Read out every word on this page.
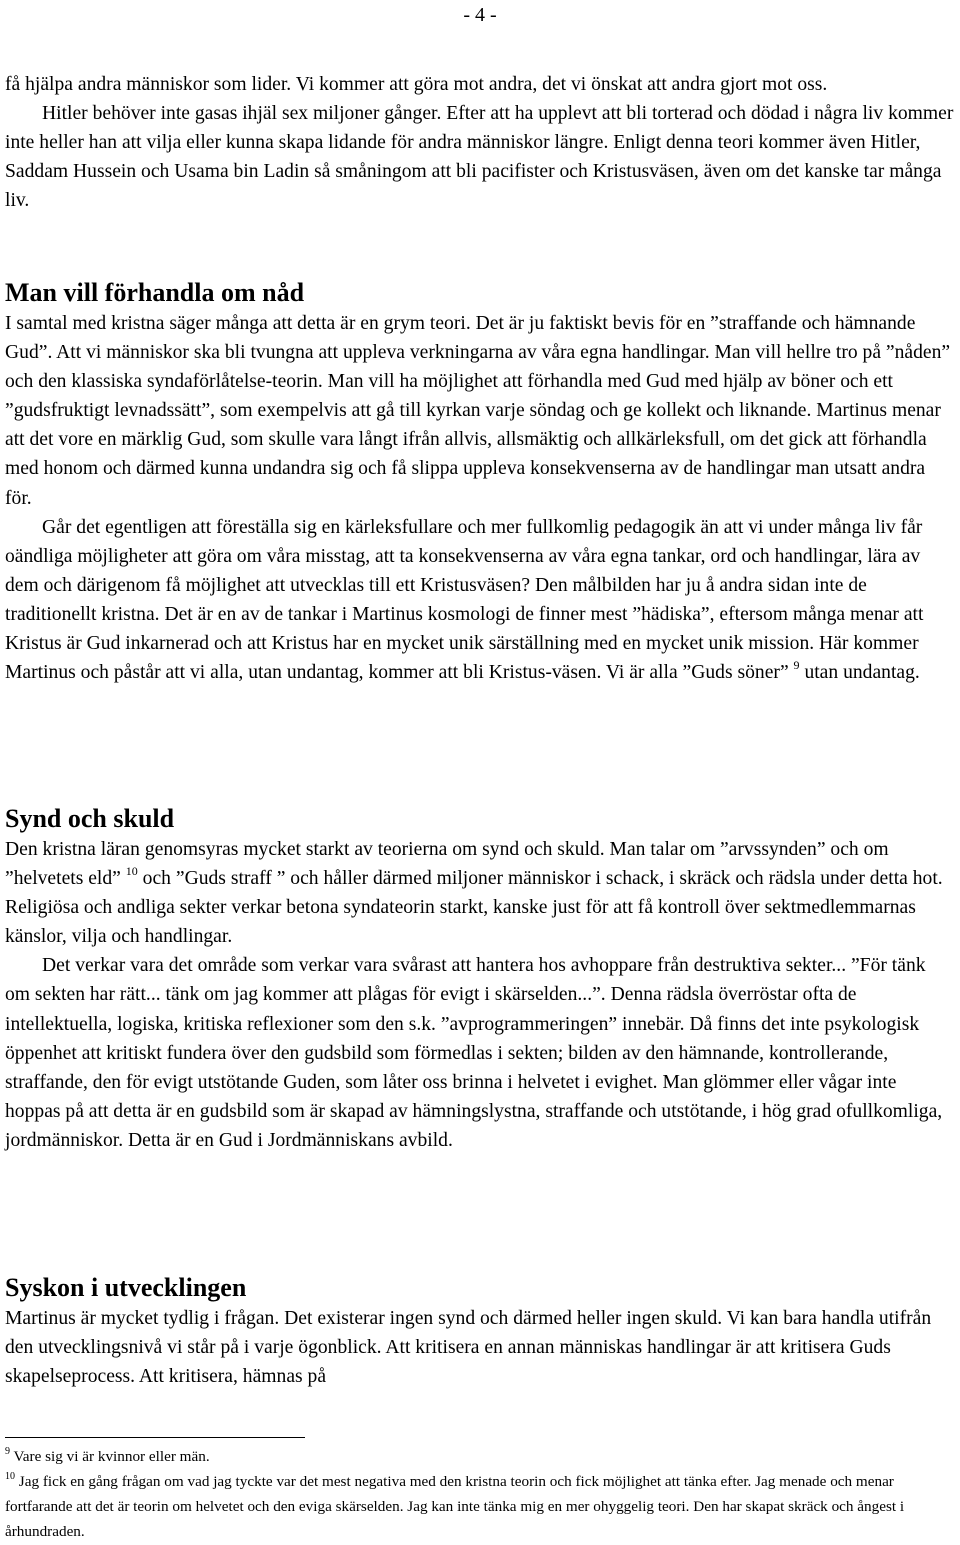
- 4 -

få hjälpa andra människor som lider. Vi kommer att göra mot andra, det vi önskat att andra gjort mot oss.

Hitler behöver inte gasas ihjäl sex miljoner gånger. Efter att ha upplevt att bli torterad och dödad i några liv kommer inte heller han att vilja eller kunna skapa lidande för andra människor längre. Enligt denna teori kommer även Hitler, Saddam Hussein och Usama bin Ladin så småningom att bli pacifister och Kristusväsen, även om det kanske tar många liv.

Man vill förhandla om nåd

I samtal med kristna säger många att detta är en grym teori. Det är ju faktiskt bevis för en ”straffande och hämnande Gud”. Att vi människor ska bli tvungna att uppleva verkningarna av våra egna handlingar. Man vill hellre tro på ”nåden” och den klassiska syndaförlåtelse-teorin. Man vill ha möjlighet att förhandla med Gud med hjälp av böner och ett ”gudsfruktigt levnadssätt”, som exempelvis att gå till kyrkan varje söndag och ge kollekt och liknande. Martinus menar att det vore en märklig Gud, som skulle vara långt ifrån allvis, allsmäktig och allkärleksfull, om det gick att förhandla med honom och därmed kunna undandra sig och få slippa uppleva konsekvenserna av de handlingar man utsatt andra för.

Går det egentligen att föreställa sig en kärleksfullare och mer fullkomlig pedagogik än att vi under många liv får oändliga möjligheter att göra om våra misstag, att ta konsekvenserna av våra egna tankar, ord och handlingar, lära av dem och därigenom få möjlighet att utvecklas till ett Kristusväsen? Den målbilden har ju å andra sidan inte de traditionellt kristna. Det är en av de tankar i Martinus kosmologi de finner mest ”hädiska”, eftersom många menar att Kristus är Gud inkarnerad och att Kristus har en mycket unik särställning med en mycket unik mission. Här kommer Martinus och påstår att vi alla, utan undantag, kommer att bli Kristus-väsen. Vi är alla ”Guds söner” $^9$ utan undantag.

Synd och skuld

Den kristna läran genomsyras mycket starkt av teorierna om synd och skuld. Man talar om ”arvssynden” och om ”helvetets eld” $^{10}$ och ”Guds straff ” och håller därmed miljoner människor i schack, i skräck och rädsla under detta hot. Religiösa och andliga sekter verkar betona syndateorin starkt, kanske just för att få kontroll över sektmedlemmarnas känslor, vilja och handlingar.

Det verkar vara det område som verkar vara svårast att hantera hos avhoppare från destruktiva sekter... ”För tänk om sekten har rätt... tänk om jag kommer att plågas för evigt i skärselden...”. Denna rädsla överröstar ofta de intellektuella, logiska, kritiska reflexioner som den s.k. ”avprogrammeringen” innebär. Då finns det inte psykologisk öppenhet att kritiskt fundera över den gudsbild som förmedlas i sekten; bilden av den hämnande, kontrollerande, straffande, den för evigt utstötande Guden, som låter oss brinna i helvetet i evighet. Man glömmer eller vågar inte hoppas på att detta är en gudsbild som är skapad av hämningslystna, straffande och utstötande, i hög grad ofullkomliga, jordmänniskor. Detta är en Gud i Jordmänniskans avbild.

Syskon i utvecklingen

Martinus är mycket tydlig i frågan. Det existerar ingen synd och därmed heller ingen skuld. Vi kan bara handla utifrån den utvecklingsnivå vi står på i varje ögonblick. Att kritisera en annan människas handlingar är att kritisera Guds skapelseprocess. Att kritisera, hämnas på

$^9$ Vare sig vi är kvinnor eller män.

$^{10}$ Jag fick en gång frågan om vad jag tyckte var det mest negativa med den kristna teorin och fick möjlighet att tänka efter. Jag menade och menar fortfarande att det är teorin om helvetet och den eviga skärselden. Jag kan inte tänka mig en mer ohyggelig teori. Den har skapat skräck och ångest i århundraden.
